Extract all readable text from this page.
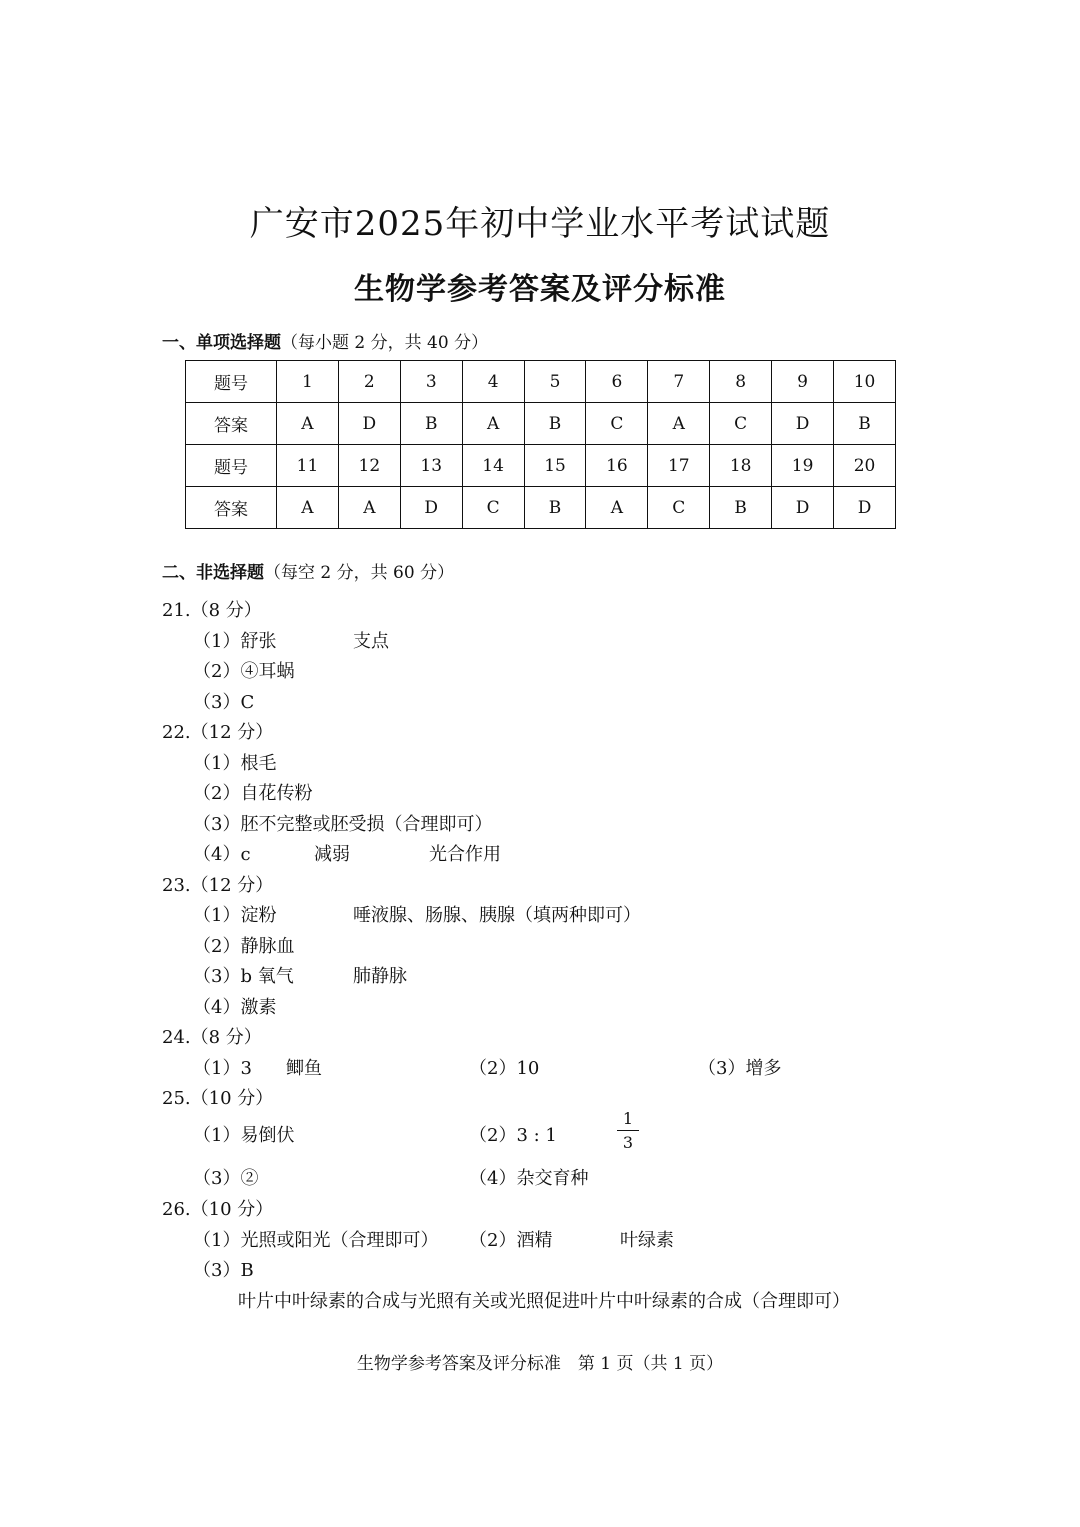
广安市2025年初中学业水平考试试题
生物学参考答案及评分标准
一、单项选择题（每小题 2 分，共 40 分）
题号	1	2	3	4	5	6	7	8	9	10
答案	A	D	B	A	B	C	A	C	D	B
题号	11	12	13	14	15	16	17	18	19	20
答案	A	A	D	C	B	A	C	B	D	D
二、非选择题（每空 2 分，共 60 分）
21.（8 分）
（1）舒张	支点
（2）④耳蜗
（3）C
22.（12 分）
（1）根毛
（2）自花传粉
（3）胚不完整或胚受损（合理即可）
（4）c	减弱	光合作用
23.（12 分）
（1）淀粉	唾液腺、肠腺、胰腺（填两种即可）
（2）静脉血
（3）b 氧气	肺静脉
（4）激素
24.（8 分）
（1）3 鲫鱼	（2）10	（3）增多
25.（10 分）
（1）易倒伏	（2）3 : 1
1
3
（3）②	（4）杂交育种
26.（10 分）
（1）光照或阳光（合理即可） （2）酒精	叶绿素
（3）B
叶片中叶绿素的合成与光照有关或光照促进叶片中叶绿素的合成（合理即可）
生物学参考答案及评分标准　第 1 页（共 1 页）
